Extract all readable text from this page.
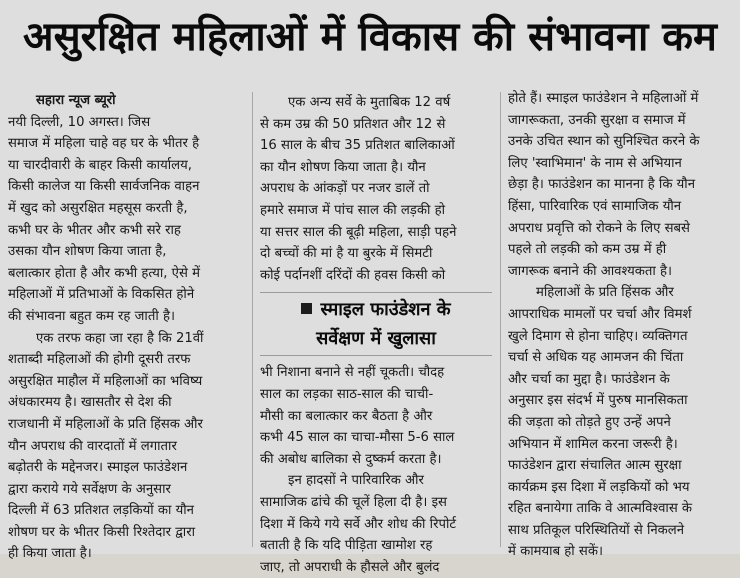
असुरक्षित महिलाओं में विकास की संभावना कम

सहारा न्यूज ब्यूरो

नयी दिल्ली, 10 अगस्त। जिस

समाज में महिला चाहे वह घर के भीतर है

या चारदीवारी के बाहर किसी कार्यालय,

किसी कालेज या किसी सार्वजनिक वाहन

में खुद को असुरक्षित महसूस करती है,

कभी घर के भीतर और कभी सरे राह

उसका यौन शोषण किया जाता है,

बलात्कार होता है और कभी हत्या, ऐसे में

महिलाओं में प्रतिभाओं के विकसित होने

की संभावना बहुत कम रह जाती है।

एक तरफ कहा जा रहा है कि 21वीं

शताब्दी महिलाओं की होगी दूसरी तरफ

असुरक्षित माहौल में महिलाओं का भविष्य

अंधकारमय है। खासतौर से देश की

राजधानी में महिलाओं के प्रति हिंसक और

यौन अपराध की वारदातों में लगातार

बढ़ोतरी के मद्देनजर। स्माइल फाउंडेशन

द्वारा कराये गये सर्वेक्षण के अनुसार

दिल्ली में 63 प्रतिशत लड़कियों का यौन

शोषण घर के भीतर किसी रिश्तेदार द्वारा

ही किया जाता है।

एक अन्य सर्वे के मुताबिक 12 वर्ष

से कम उम्र की 50 प्रतिशत और 12 से

16 साल के बीच 35 प्रतिशत बालिकाओं

का यौन शोषण किया जाता है। यौन

अपराध के आंकड़ों पर नजर डालें तो

हमारे समाज में पांच साल की लड़की हो

या सत्तर साल की बूढ़ी महिला, साड़ी पहने

दो बच्चों की मां है या बुरके में सिमटी

कोई पर्दानशीं दरिंदों की हवस किसी को

स्माइल फाउंडेशन के
सर्वेक्षण में खुलासा

भी निशाना बनाने से नहीं चूकती। चौदह

साल का लड़का साठ-साल की चाची-

मौसी का बलात्कार कर बैठता है और

कभी 45 साल का चाचा-मौसा 5-6 साल

की अबोध बालिका से दुष्कर्म करता है।

इन हादसों ने पारिवारिक और

सामाजिक ढांचे की चूलें हिला दी है। इस

दिशा में किये गये सर्वे और शोध की रिपोर्ट

बताती है कि यदि पीड़िता खामोश रह

जाए, तो अपराधी के हौसले और बुलंद

होते हैं। स्माइल फाउंडेशन ने महिलाओं में

जागरूकता, उनकी सुरक्षा व समाज में

उनके उचित स्थान को सुनिश्चित करने के

लिए 'स्वाभिमान' के नाम से अभियान

छेड़ा है। फाउंडेशन का मानना है कि यौन

हिंसा, पारिवारिक एवं सामाजिक यौन

अपराध प्रवृत्ति को रोकने के लिए सबसे

पहले तो लड़की को कम उम्र में ही

जागरूक बनाने की आवश्यकता है।

महिलाओं के प्रति हिंसक और

आपराधिक मामलों पर चर्चा और विमर्श

खुले दिमाग से होना चाहिए। व्यक्तिगत

चर्चा से अधिक यह आमजन की चिंता

और चर्चा का मुद्दा है। फाउंडेशन के

अनुसार इस संदर्भ में पुरुष मानसिकता

की जड़ता को तोड़ते हुए उन्हें अपने

अभियान में शामिल करना जरूरी है।

फाउंडेशन द्वारा संचालित आत्म सुरक्षा

कार्यक्रम इस दिशा में लड़कियों को भय

रहित बनायेगा ताकि वे आत्मविश्वास के

साथ प्रतिकूल परिस्थितियों से निकलने

में कामयाब हो सकें।
